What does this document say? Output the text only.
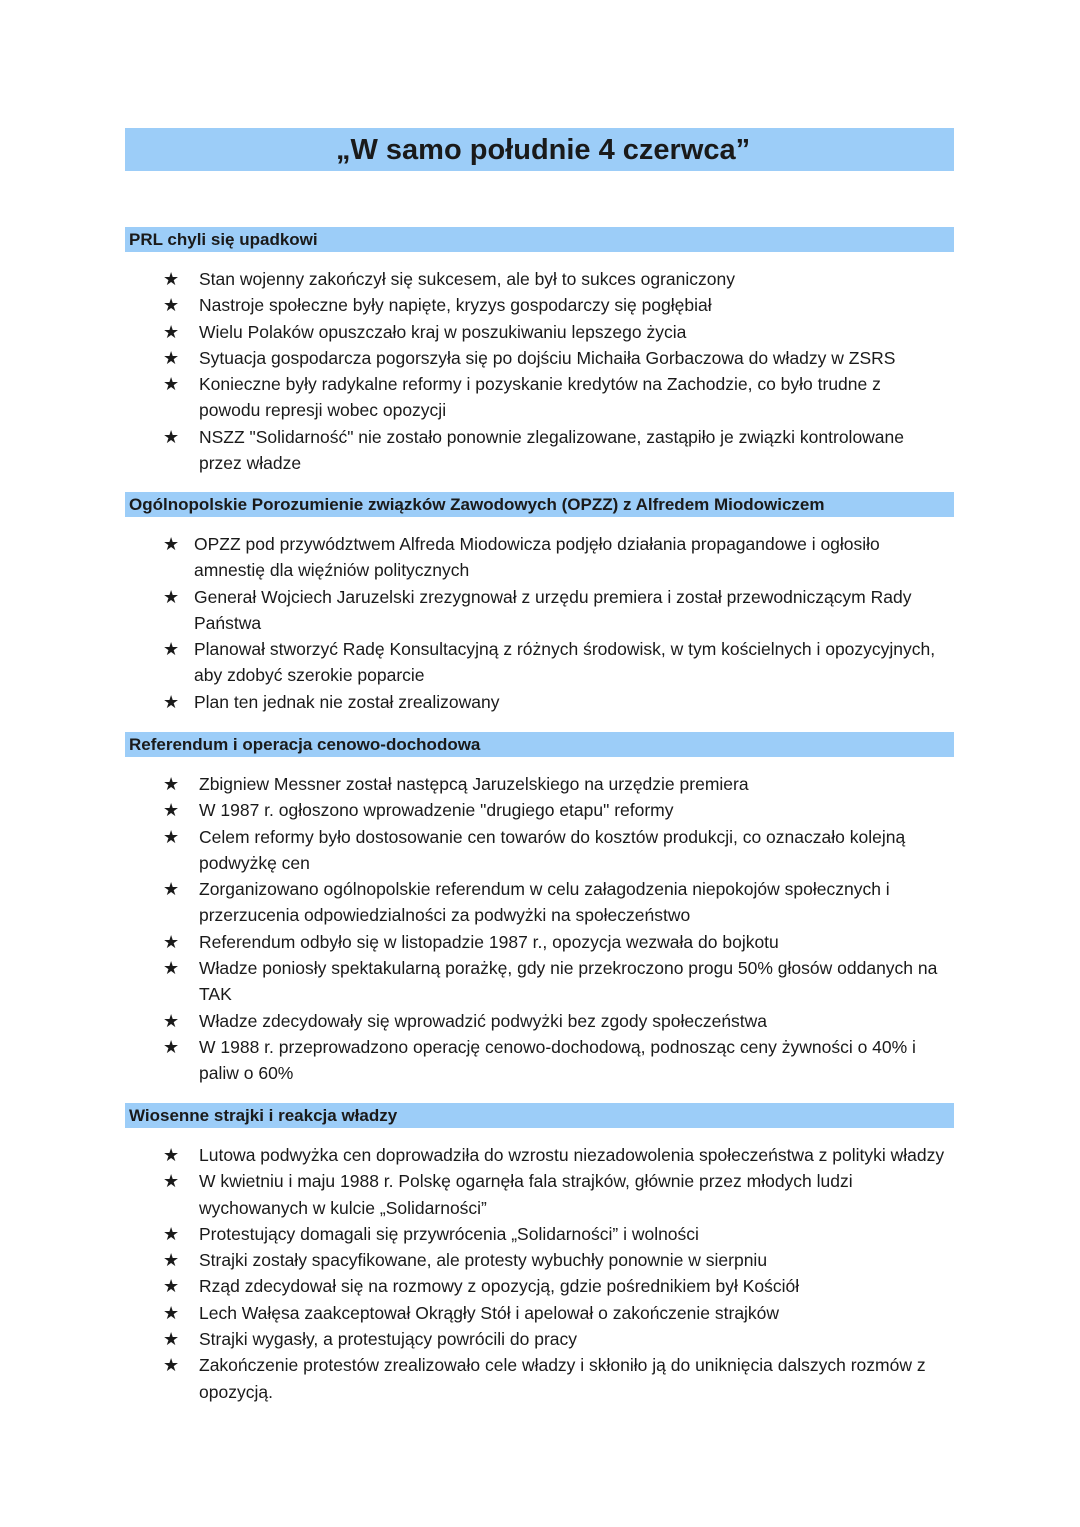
„W samo południe 4 czerwca”
PRL chyli się upadkowi
★ Stan wojenny zakończył się sukcesem, ale był to sukces ograniczony
★ Nastroje społeczne były napięte, kryzys gospodarczy się pogłębiał
★ Wielu Polaków opuszczało kraj w poszukiwaniu lepszego życia
★ Sytuacja gospodarcza pogorszyła się po dojściu Michaiła Gorbaczowa do władzy w ZSRS
★ Konieczne były radykalne reformy i pozyskanie kredytów na Zachodzie, co było trudne z powodu represji wobec opozycji
★ NSZZ "Solidarność" nie zostało ponownie zlegalizowane, zastąpiło je związki kontrolowane przez władze
Ogólnopolskie Porozumienie związków Zawodowych (OPZZ) z Alfredem Miodowiczem
★ OPZZ pod przywództwem Alfreda Miodowicza podjęło działania propagandowe i ogłosiło amnestię dla więźniów politycznych
★ Generał Wojciech Jaruzelski zrezygnował z urzędu premiera i został przewodniczącym Rady Państwa
★ Planował stworzyć Radę Konsultacyjną z różnych środowisk, w tym kościelnych i opozycyjnych, aby zdobyć szerokie poparcie
★ Plan ten jednak nie został zrealizowany
Referendum i operacja cenowo-dochodowa
★ Zbigniew Messner został następcą Jaruzelskiego na urzędzie premiera
★ W 1987 r. ogłoszono wprowadzenie "drugiego etapu" reformy
★ Celem reformy było dostosowanie cen towarów do kosztów produkcji, co oznaczało kolejną podwyżkę cen
★ Zorganizowano ogólnopolskie referendum w celu załagodzenia niepokojów społecznych i przerzucenia odpowiedzialności za podwyżki na społeczeństwo
★ Referendum odbyło się w listopadzie 1987 r., opozycja wezwała do bojkotu
★ Władze poniosły spektakularną porażkę, gdy nie przekroczono progu 50% głosów oddanych na TAK
★ Władze zdecydowały się wprowadzić podwyżki bez zgody społeczeństwa
★ W 1988 r. przeprowadzono operację cenowo-dochodową, podnosząc ceny żywności o 40% i paliw o 60%
Wiosenne strajki i reakcja władzy
★ Lutowa podwyżka cen doprowadziła do wzrostu niezadowolenia społeczeństwa z polityki władzy
★ W kwietniu i maju 1988 r. Polskę ogarnęła fala strajków, głównie przez młodych ludzi wychowanych w kulcie „Solidarności”
★ Protestujący domagali się przywrócenia „Solidarności” i wolności
★ Strajki zostały spacyfikowane, ale protesty wybuchły ponownie w sierpniu
★ Rząd zdecydował się na rozmowy z opozycją, gdzie pośrednikiem był Kościół
★ Lech Wałęsa zaakceptował Okrągły Stół i apelował o zakończenie strajków
★ Strajki wygasły, a protestujący powrócili do pracy
★ Zakończenie protestów zrealizowało cele władzy i skłoniło ją do uniknięcia dalszych rozmów z opozycją.
